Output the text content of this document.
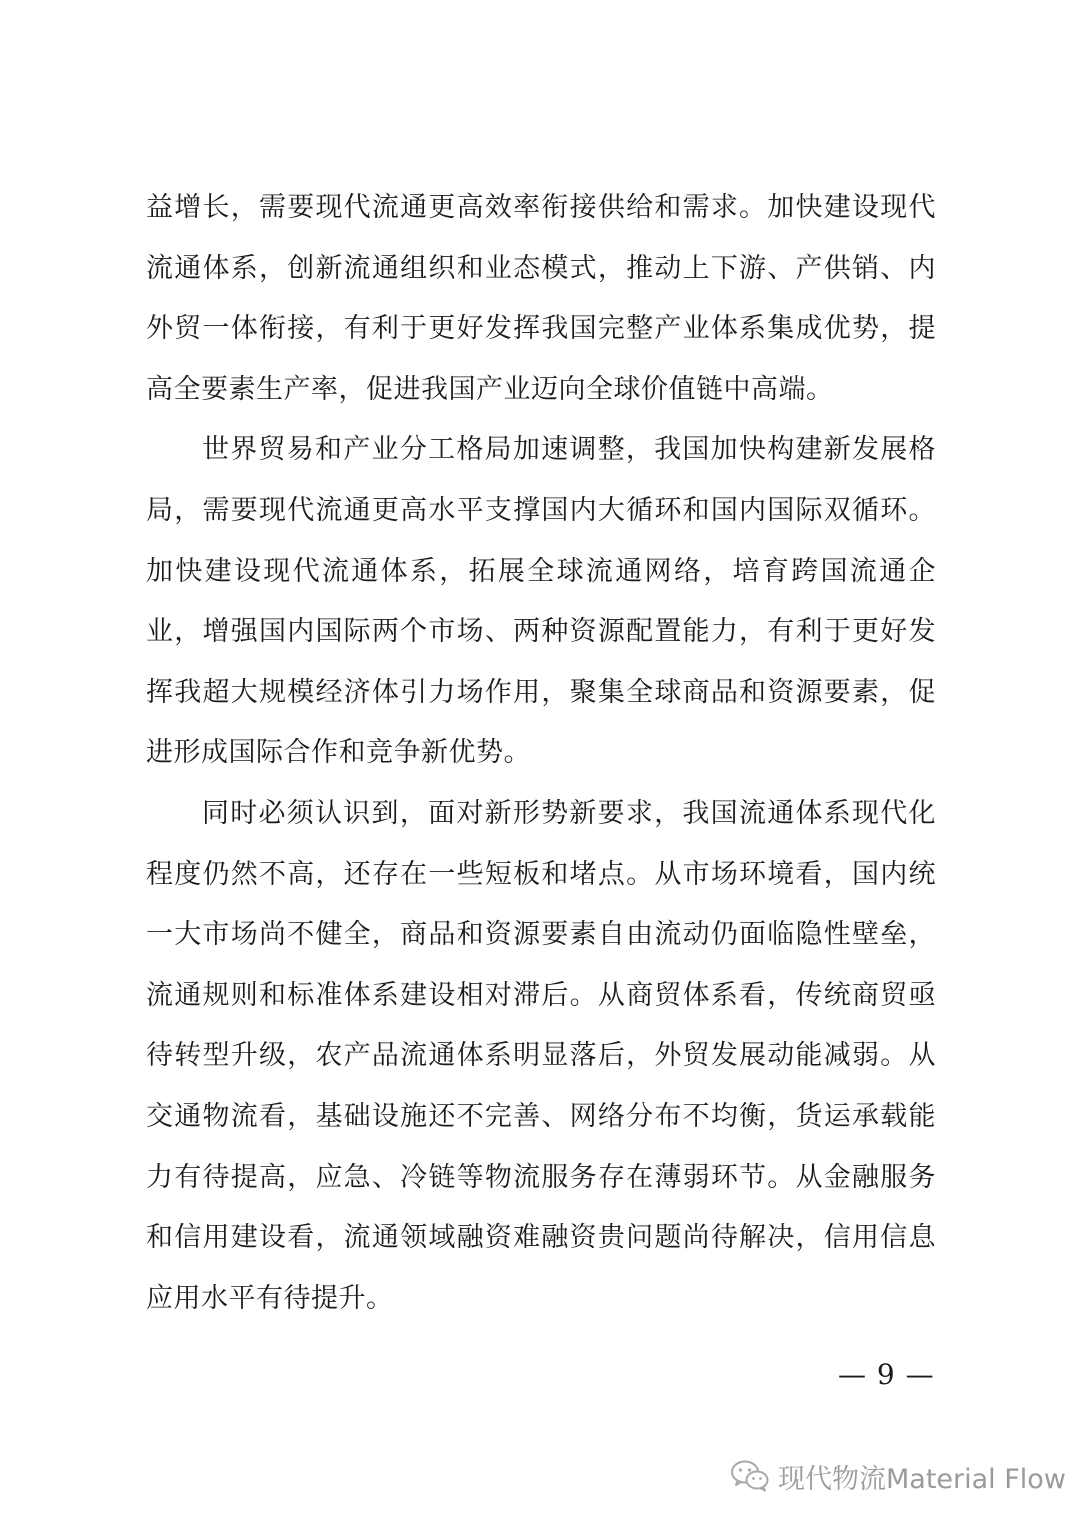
益增长，需要现代流通更高效率衔接供给和需求。加快建设现代
流通体系，创新流通组织和业态模式，推动上下游、产供销、内
外贸一体衔接，有利于更好发挥我国完整产业体系集成优势，提
高全要素生产率，促进我国产业迈向全球价值链中高端。
世界贸易和产业分工格局加速调整，我国加快构建新发展格
局，需要现代流通更高水平支撑国内大循环和国内国际双循环。
加快建设现代流通体系，拓展全球流通网络，培育跨国流通企
业，增强国内国际两个市场、两种资源配置能力，有利于更好发
挥我超大规模经济体引力场作用，聚集全球商品和资源要素，促
进形成国际合作和竞争新优势。
同时必须认识到，面对新形势新要求，我国流通体系现代化
程度仍然不高，还存在一些短板和堵点。从市场环境看，国内统
一大市场尚不健全，商品和资源要素自由流动仍面临隐性壁垒，
流通规则和标准体系建设相对滞后。从商贸体系看，传统商贸亟
待转型升级，农产品流通体系明显落后，外贸发展动能减弱。从
交通物流看，基础设施还不完善、网络分布不均衡，货运承载能
力有待提高，应急、冷链等物流服务存在薄弱环节。从金融服务
和信用建设看，流通领域融资难融资贵问题尚待解决，信用信息
应用水平有待提升。
— 9 —
现代物流Material Flow
